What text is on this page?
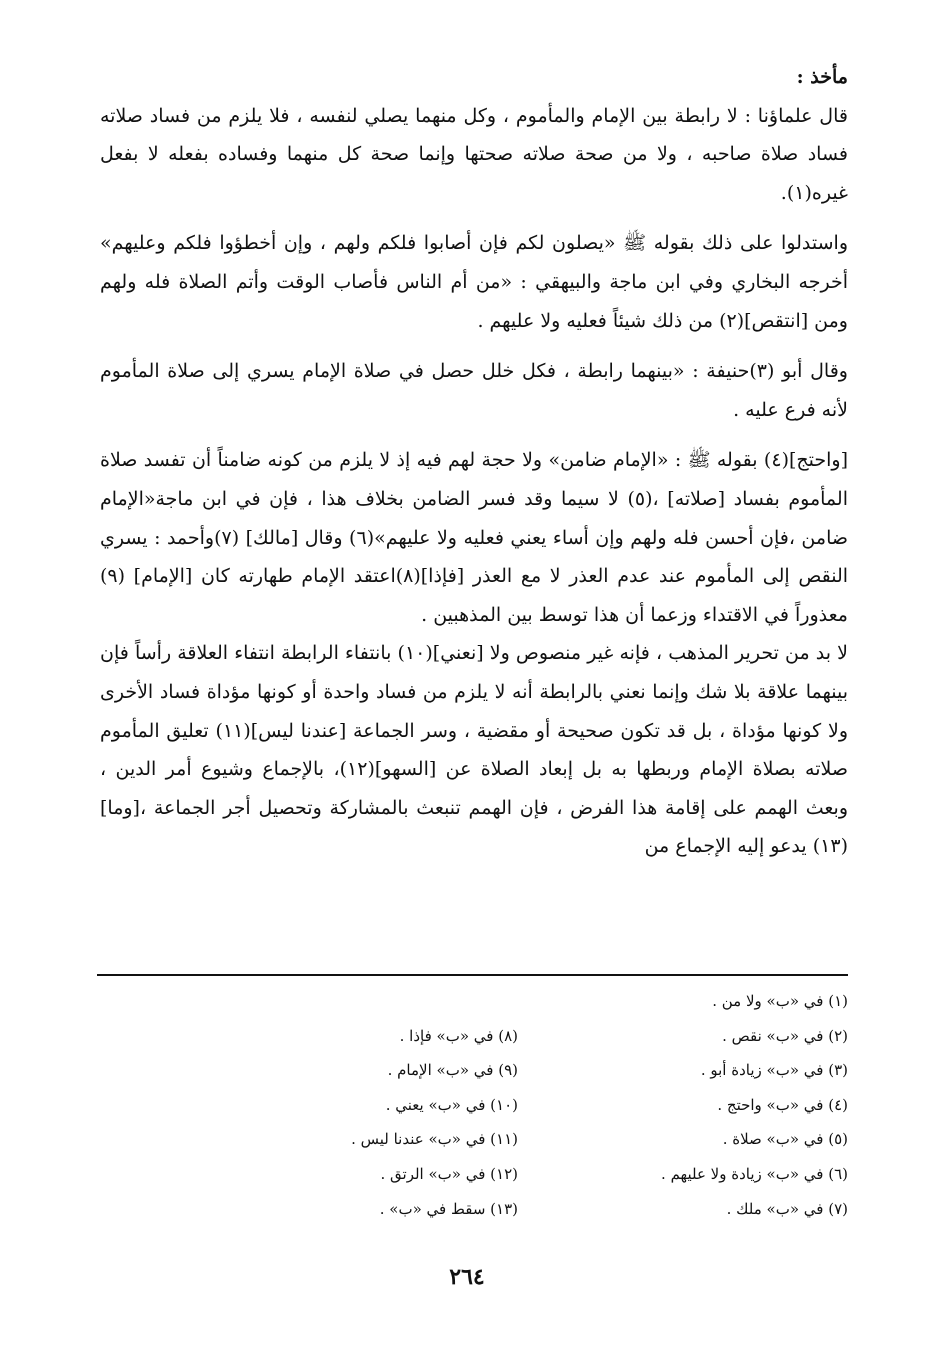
مأخذ :

قال علماؤنا : لا رابطة بين الإمام والمأموم ، وكل منهما يصلي لنفسه ، فلا يلزم من فساد صلاته فساد صلاة صاحبه ، ولا من صحة صلاته صحتها وإنما صحة كل منهما وفساده بفعله لا بفعل غيره(١).

واستدلوا على ذلك بقوله ﷺ «يصلون لكم فإن أصابوا فلكم ولهم ، وإن أخطؤوا فلكم وعليهم» أخرجه البخاري وفي ابن ماجة والبيهقي : «من أم الناس فأصاب الوقت وأتم الصلاة فله ولهم ومن [انتقص](٢) من ذلك شيئاً فعليه ولا عليهم .

وقال أبو (٣)حنيفة : «بينهما رابطة ، فكل خلل حصل في صلاة الإمام يسري إلى صلاة المأموم لأنه فرع عليه .

[واحتج](٤) بقوله ﷺ : «الإمام ضامن» ولا حجة لهم فيه إذ لا يلزم من كونه ضامناً أن تفسد صلاة المأموم بفساد [صلاته] ،(٥) لا سيما وقد فسر الضامن بخلاف هذا ، فإن في ابن ماجة«الإمام ضامن ،فإن أحسن فله ولهم وإن أساء يعني فعليه ولا عليهم»(٦) وقال [مالك] (٧)وأحمد : يسري النقص إلى المأموم عند عدم العذر لا مع العذر [فإذا](٨)اعتقد الإمام طهارته كان [الإمام] (٩) معذوراً في الاقتداء وزعما أن هذا توسط بين المذهبين .

لا بد من تحرير المذهب ، فإنه غير منصوص ولا [نعني](١٠) بانتفاء الرابطة انتفاء العلاقة رأساً فإن بينهما علاقة بلا شك وإنما نعني بالرابطة أنه لا يلزم من فساد واحدة أو كونها مؤداة فساد الأخرى ولا كونها مؤداة ، بل قد تكون صحيحة أو مقضية ، وسر الجماعة [عندنا ليس](١١) تعليق المأموم صلاته بصلاة الإمام وربطها به بل إبعاد الصلاة عن [السهو](١٢)، بالإجماع وشيوع أمر الدين ، وبعث الهمم على إقامة هذا الفرض ، فإن الهمم تنبعث بالمشاركة وتحصيل أجر الجماعة ،[وما](١٣) يدعو إليه الإجماع من

(١) في «ب» ولا من .
(٢) في «ب» نقص .
(٣) في «ب» زيادة أبو .
(٤) في «ب» واحتج .
(٥) في «ب» صلاة .
(٦) في «ب» زيادة ولا عليهم .
(٧) في «ب» ملك .
(٨) في «ب» فإذا .
(٩) في «ب» الإمام .
(١٠) في «ب» يعني .
(١١) في «ب» عندنا ليس .
(١٢) في «ب» الرتق .
(١٣) سقط في «ب» .
٢٦٤
